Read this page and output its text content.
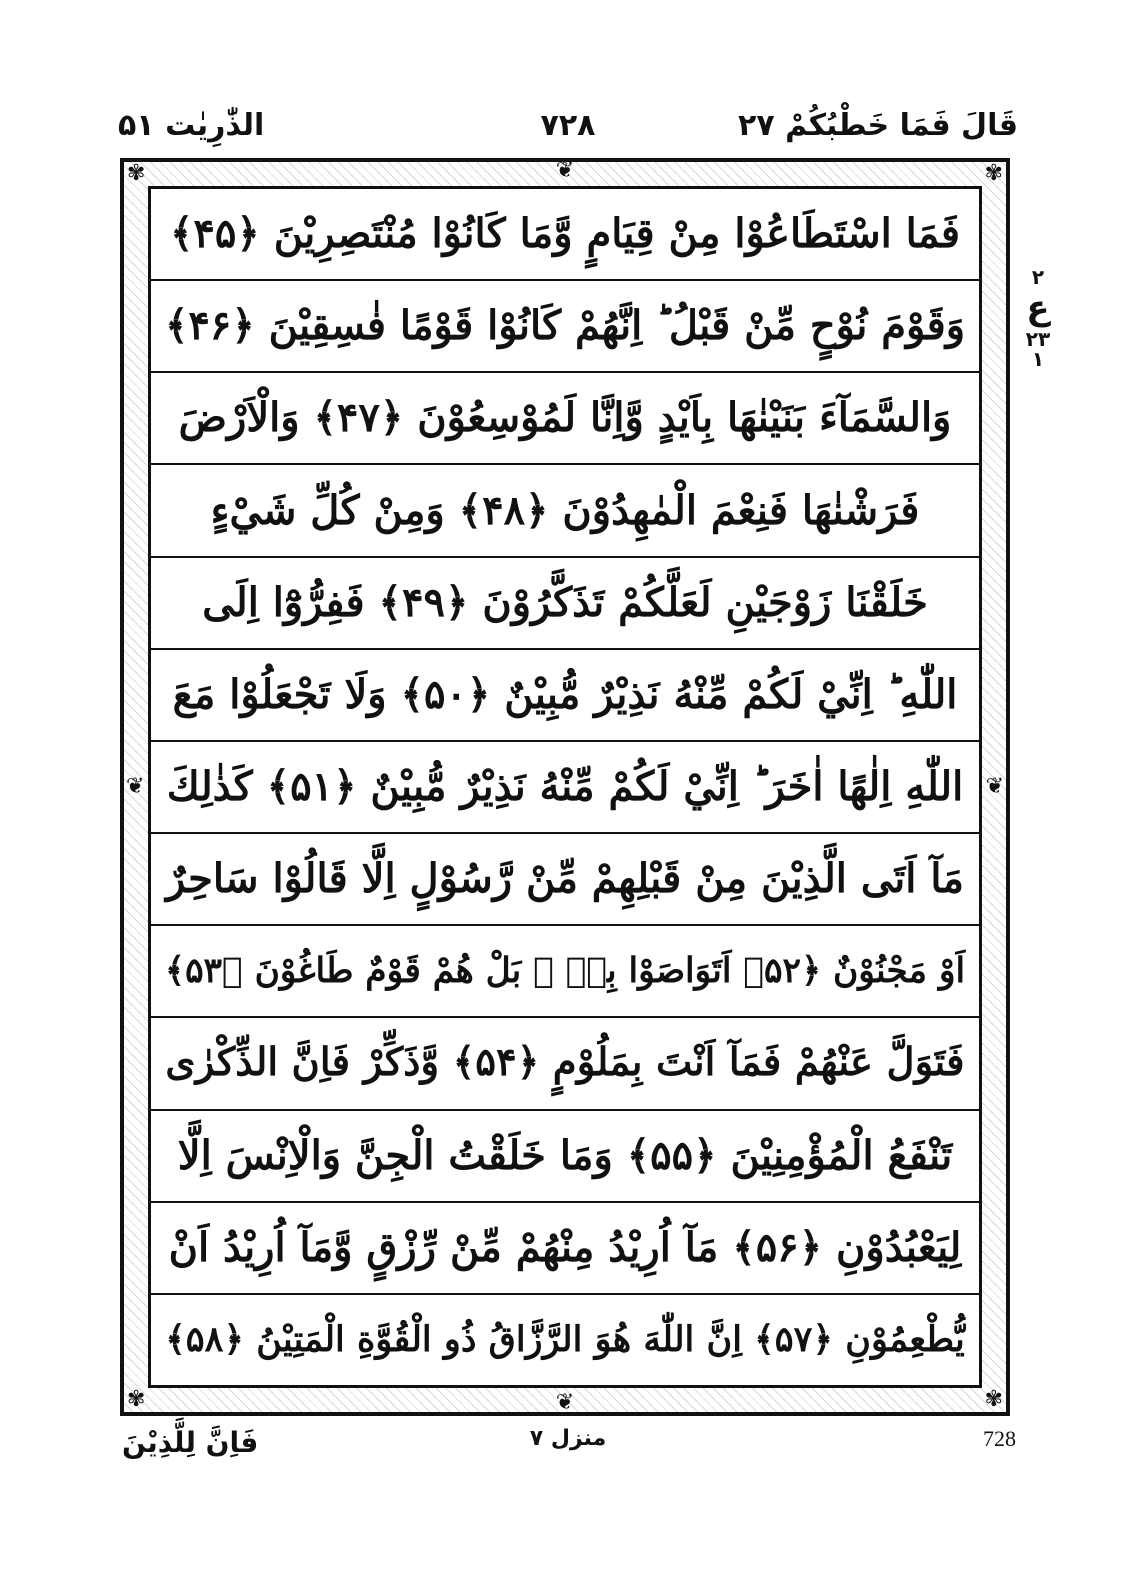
قَالَ فَمَا خَطْبُكُمْ ۲۷
۷۲۸
الذّٰرِيٰت ۵۱
۲
ع
۲۳
۱
✾	✾
✾	✾
❦
❦
❦	❦
فَمَا اسْتَطَاعُوْا مِنْ قِيَامٍ وَّمَا كَانُوْا مُنْتَصِرِيْنَ ﴿۴۵﴾
وَقَوْمَ نُوْحٍ مِّنْ قَبْلُ ؕ اِنَّهُمْ كَانُوْا قَوْمًا فٰسِقِيْنَ ﴿۴۶﴾
وَالسَّمَآءَ بَنَيْنٰهَا بِاَيْدٍ وَّاِنَّا لَمُوْسِعُوْنَ ﴿۴۷﴾ وَالْاَرْضَ
فَرَشْنٰهَا فَنِعْمَ الْمٰهِدُوْنَ ﴿۴۸﴾ وَمِنْ كُلِّ شَيْءٍ
خَلَقْنَا زَوْجَيْنِ لَعَلَّكُمْ تَذَكَّرُوْنَ ﴿۴۹﴾ فَفِرُّوْٓا اِلَى
اللّٰهِ ؕ اِنِّيْ لَكُمْ مِّنْهُ نَذِيْرٌ مُّبِيْنٌ ﴿۵۰﴾ وَلَا تَجْعَلُوْا مَعَ
اللّٰهِ اِلٰهًا اٰخَرَ ؕ اِنِّيْ لَكُمْ مِّنْهُ نَذِيْرٌ مُّبِيْنٌ ﴿۵۱﴾ كَذٰلِكَ
مَآ اَتَى الَّذِيْنَ مِنْ قَبْلِهِمْ مِّنْ رَّسُوْلٍ اِلَّا قَالُوْا سَاحِرٌ
اَوْ مَجْنُوْنٌ ﴿۵۲﴾ اَتَوَاصَوْا بِهٖ ۚ بَلْ هُمْ قَوْمٌ طَاغُوْنَ ﴿۵۳﴾
فَتَوَلَّ عَنْهُمْ فَمَآ اَنْتَ بِمَلُوْمٍ ﴿۵۴﴾ وَّذَكِّرْ فَاِنَّ الذِّكْرٰى
تَنْفَعُ الْمُؤْمِنِيْنَ ﴿۵۵﴾ وَمَا خَلَقْتُ الْجِنَّ وَالْاِنْسَ اِلَّا
لِيَعْبُدُوْنِ ﴿۵۶﴾ مَآ اُرِيْدُ مِنْهُمْ مِّنْ رِّزْقٍ وَّمَآ اُرِيْدُ اَنْ
يُّطْعِمُوْنِ ﴿۵۷﴾ اِنَّ اللّٰهَ هُوَ الرَّزَّاقُ ذُو الْقُوَّةِ الْمَتِيْنُ ﴿۵۸﴾
فَاِنَّ لِلَّذِيْنَ	منزل ۷	728
